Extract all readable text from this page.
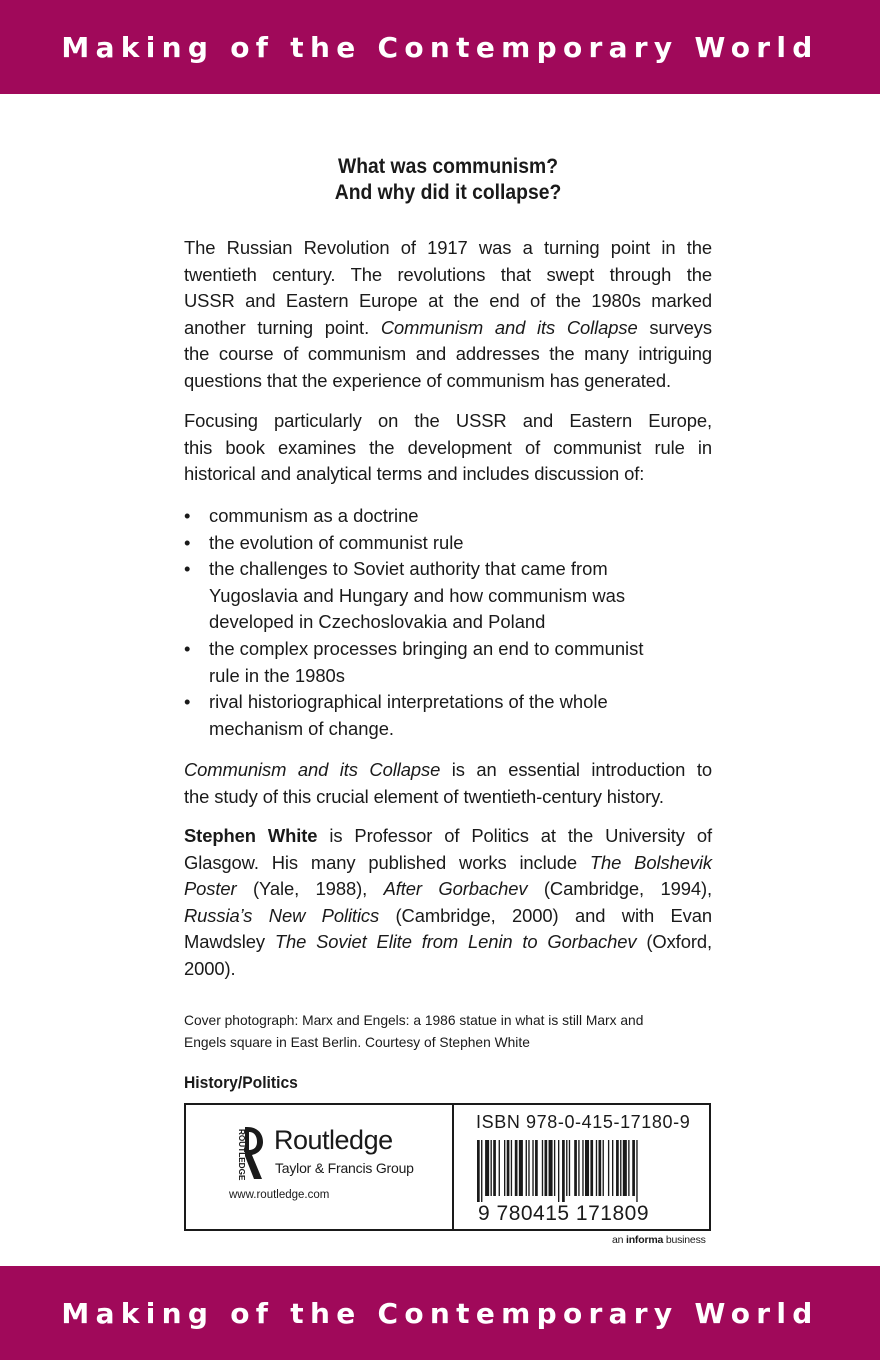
Making of the Contemporary World
What was communism?
And why did it collapse?

The Russian Revolution of 1917 was a turning point in the
twentieth century. The revolutions that swept through the
USSR and Eastern Europe at the end of the 1980s marked
another turning point. Communism and its Collapse surveys
the course of communism and addresses the many intriguing
questions that the experience of communism has generated.

Focusing particularly on the USSR and Eastern Europe,
this book examines the development of communist rule in
historical and analytical terms and includes discussion of:

• communism as a doctrine
• the evolution of communist rule
• the challenges to Soviet authority that came from
Yugoslavia and Hungary and how communism was
developed in Czechoslovakia and Poland
• the complex processes bringing an end to communist
rule in the 1980s
• rival historiographical interpretations of the whole
mechanism of change.

Communism and its Collapse is an essential introduction to
the study of this crucial element of twentieth-century history.

Stephen White is Professor of Politics at the University of
Glasgow. His many published works include The Bolshevik
Poster (Yale, 1988), After Gorbachev (Cambridge, 1994),
Russia’s New Politics (Cambridge, 2000) and with Evan
Mawdsley The Soviet Elite from Lenin to Gorbachev (Oxford,
2000).

Cover photograph: Marx and Engels: a 1986 statue in what is still Marx and
Engels square in East Berlin. Courtesy of Stephen White
History/Politics
ROUTLEDGE Routledge
Taylor & Francis Group
www.routledge.com
ISBN 978-0-415-17180-9
9 780415 171809
an informa business
Making of the Contemporary World
